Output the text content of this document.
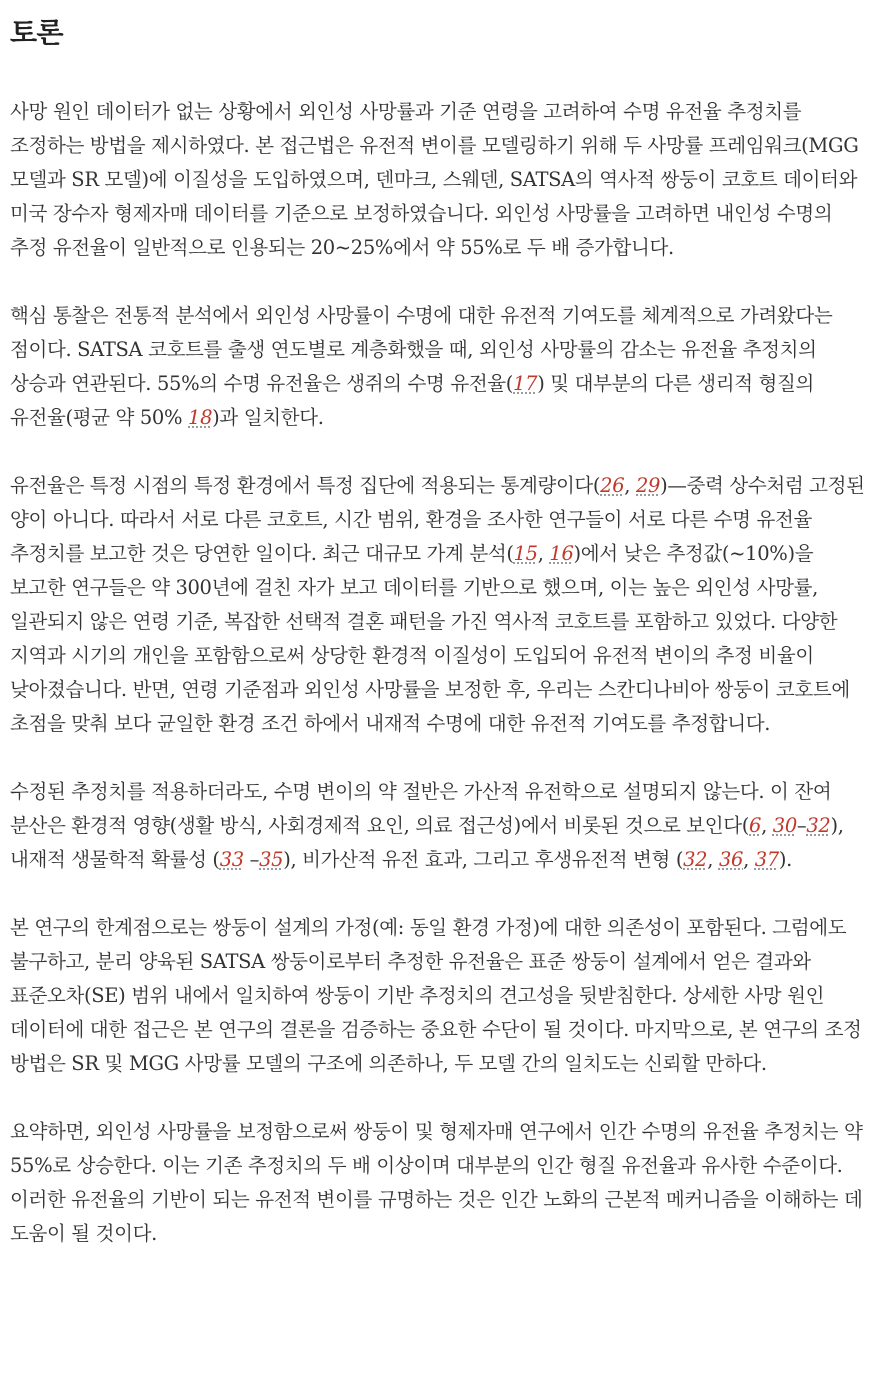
토론

사망 원인 데이터가 없는 상황에서 외인성 사망률과 기준 연령을 고려하여 수명 유전율 추정치를 조정하는 방법을 제시하였다. 본 접근법은 유전적 변이를 모델링하기 위해 두 사망률 프레임워크(MGG 모델과 SR 모델)에 이질성을 도입하였으며, 덴마크, 스웨덴, SATSA의 역사적 쌍둥이 코호트 데이터와 미국 장수자 형제자매 데이터를 기준으로 보정하였습니다. 외인성 사망률을 고려하면 내인성 수명의 추정 유전율이 일반적으로 인용되는 20~25%에서 약 55%로 두 배 증가합니다.

핵심 통찰은 전통적 분석에서 외인성 사망률이 수명에 대한 유전적 기여도를 체계적으로 가려왔다는 점이다. SATSA 코호트를 출생 연도별로 계층화했을 때, 외인성 사망률의 감소는 유전율 추정치의 상승과 연관된다. 55%의 수명 유전율은 생쥐의 수명 유전율(17) 및 대부분의 다른 생리적 형질의 유전율(평균 약 50% 18)과 일치한다.

유전율은 특정 시점의 특정 환경에서 특정 집단에 적용되는 통계량이다(26, 29)—중력 상수처럼 고정된 양이 아니다. 따라서 서로 다른 코호트, 시간 범위, 환경을 조사한 연구들이 서로 다른 수명 유전율 추정치를 보고한 것은 당연한 일이다. 최근 대규모 가계 분석(15, 16)에서 낮은 추정값(~10%)을 보고한 연구들은 약 300년에 걸친 자가 보고 데이터를 기반으로 했으며, 이는 높은 외인성 사망률, 일관되지 않은 연령 기준, 복잡한 선택적 결혼 패턴을 가진 역사적 코호트를 포함하고 있었다. 다양한 지역과 시기의 개인을 포함함으로써 상당한 환경적 이질성이 도입되어 유전적 변이의 추정 비율이 낮아졌습니다. 반면, 연령 기준점과 외인성 사망률을 보정한 후, 우리는 스칸디나비아 쌍둥이 코호트에 초점을 맞춰 보다 균일한 환경 조건 하에서 내재적 수명에 대한 유전적 기여도를 추정합니다.

수정된 추정치를 적용하더라도, 수명 변이의 약 절반은 가산적 유전학으로 설명되지 않는다. 이 잔여 분산은 환경적 영향(생활 방식, 사회경제적 요인, 의료 접근성)에서 비롯된 것으로 보인다(6, 30–32), 내재적 생물학적 확률성 (33 –35), 비가산적 유전 효과, 그리고 후생유전적 변형 (32, 36, 37).

본 연구의 한계점으로는 쌍둥이 설계의 가정(예: 동일 환경 가정)에 대한 의존성이 포함된다. 그럼에도 불구하고, 분리 양육된 SATSA 쌍둥이로부터 추정한 유전율은 표준 쌍둥이 설계에서 얻은 결과와 표준오차(SE) 범위 내에서 일치하여 쌍둥이 기반 추정치의 견고성을 뒷받침한다. 상세한 사망 원인 데이터에 대한 접근은 본 연구의 결론을 검증하는 중요한 수단이 될 것이다. 마지막으로, 본 연구의 조정 방법은 SR 및 MGG 사망률 모델의 구조에 의존하나, 두 모델 간의 일치도는 신뢰할 만하다.

요약하면, 외인성 사망률을 보정함으로써 쌍둥이 및 형제자매 연구에서 인간 수명의 유전율 추정치는 약 55%로 상승한다. 이는 기존 추정치의 두 배 이상이며 대부분의 인간 형질 유전율과 유사한 수준이다. 이러한 유전율의 기반이 되는 유전적 변이를 규명하는 것은 인간 노화의 근본적 메커니즘을 이해하는 데 도움이 될 것이다.
